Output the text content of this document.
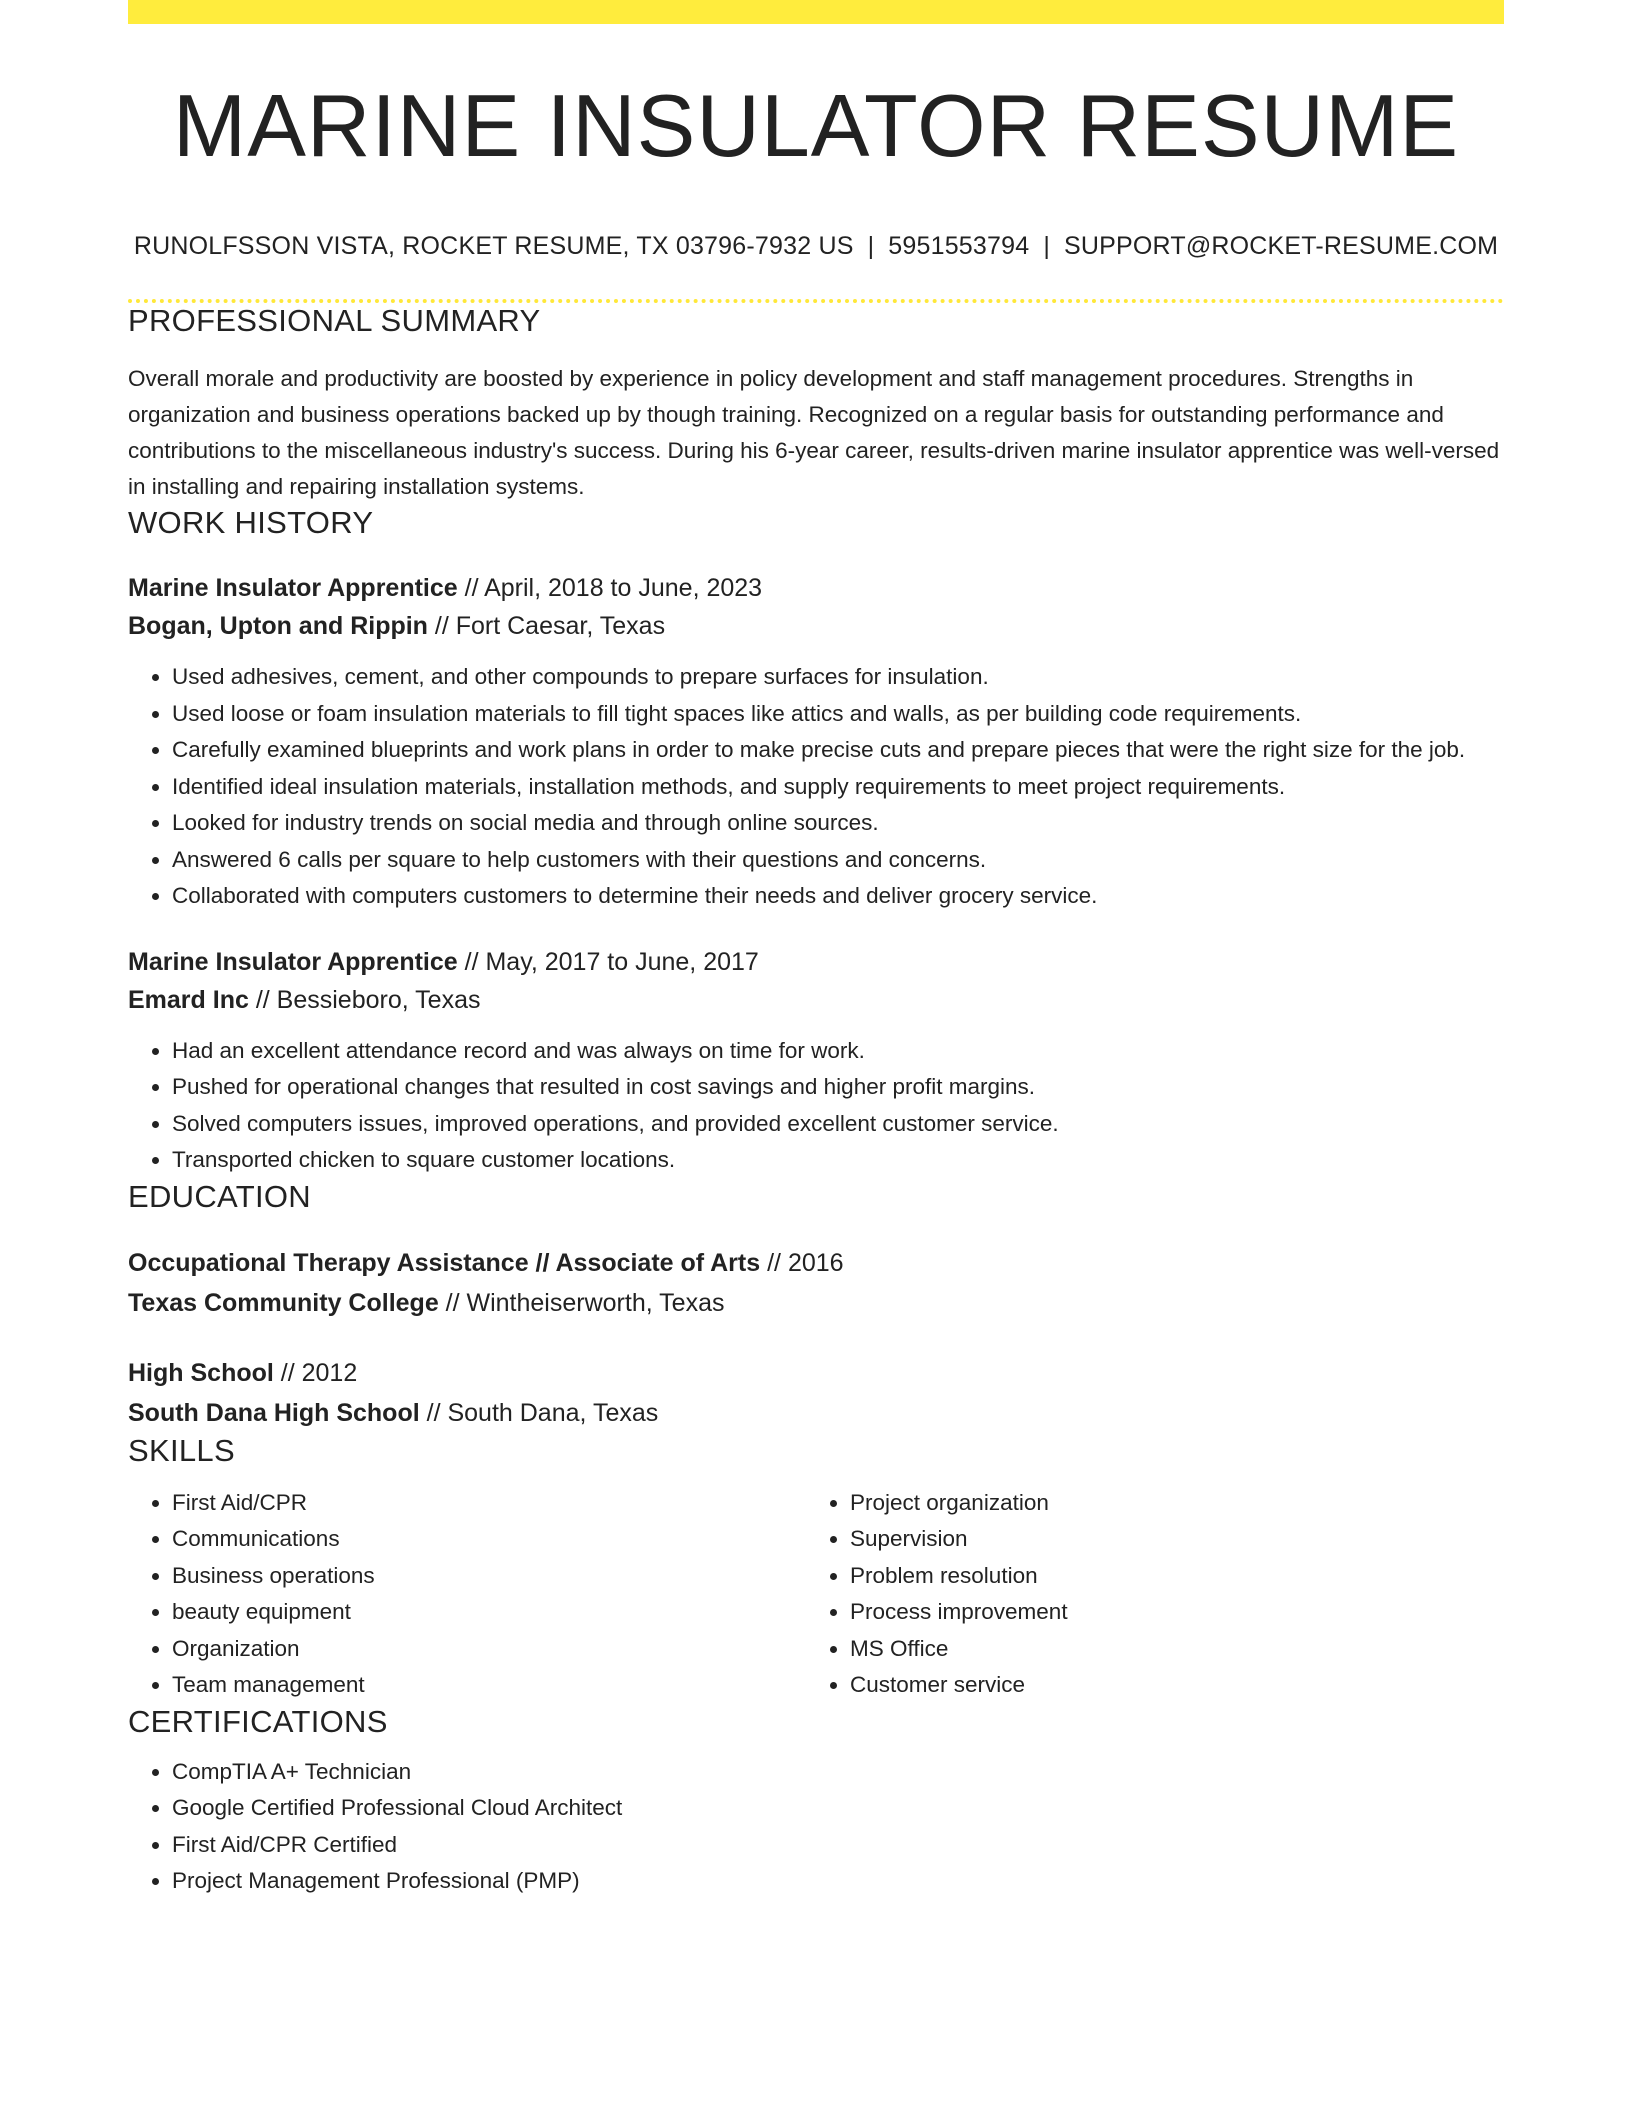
MARINE INSULATOR RESUME
RUNOLFSSON VISTA, ROCKET RESUME, TX 03796-7932 US | 5951553794 | SUPPORT@ROCKET-RESUME.COM
PROFESSIONAL SUMMARY
Overall morale and productivity are boosted by experience in policy development and staff management procedures. Strengths in organization and business operations backed up by though training. Recognized on a regular basis for outstanding performance and contributions to the miscellaneous industry's success. During his 6-year career, results-driven marine insulator apprentice was well-versed in installing and repairing installation systems.
WORK HISTORY
Marine Insulator Apprentice // April, 2018 to June, 2023
Bogan, Upton and Rippin // Fort Caesar, Texas
• Used adhesives, cement, and other compounds to prepare surfaces for insulation.
• Used loose or foam insulation materials to fill tight spaces like attics and walls, as per building code requirements.
• Carefully examined blueprints and work plans in order to make precise cuts and prepare pieces that were the right size for the job.
• Identified ideal insulation materials, installation methods, and supply requirements to meet project requirements.
• Looked for industry trends on social media and through online sources.
• Answered 6 calls per square to help customers with their questions and concerns.
• Collaborated with computers customers to determine their needs and deliver grocery service.
Marine Insulator Apprentice // May, 2017 to June, 2017
Emard Inc // Bessieboro, Texas
• Had an excellent attendance record and was always on time for work.
• Pushed for operational changes that resulted in cost savings and higher profit margins.
• Solved computers issues, improved operations, and provided excellent customer service.
• Transported chicken to square customer locations.
EDUCATION
Occupational Therapy Assistance // Associate of Arts // 2016
Texas Community College // Wintheiserworth, Texas
High School // 2012
South Dana High School // South Dana, Texas
SKILLS
• First Aid/CPR
• Communications
• Business operations
• beauty equipment
• Organization
• Team management
• Project organization
• Supervision
• Problem resolution
• Process improvement
• MS Office
• Customer service
CERTIFICATIONS
• CompTIA A+ Technician
• Google Certified Professional Cloud Architect
• First Aid/CPR Certified
• Project Management Professional (PMP)
